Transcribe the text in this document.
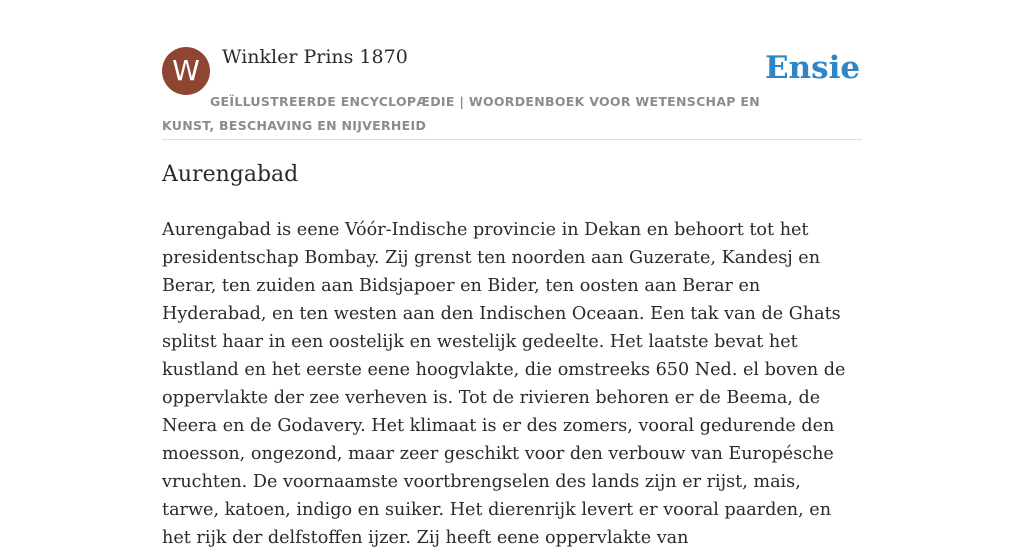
W	Winkler Prins 1870	Ensie
GEÏLLUSTREERDE ENCYCLOPÆDIE | WOORDENBOEK VOOR WETENSCHAP EN KUNST, BESCHAVING EN NIJVERHEID
Aurengabad

Aurengabad is eene Vóór-Indische provincie in Dekan en behoort tot het presidentschap Bombay. Zij grenst ten noorden aan Guzerate, Kandesj en Berar, ten zuiden aan Bidsjapoer en Bider, ten oosten aan Berar en Hyderabad, en ten westen aan den Indischen Oceaan. Een tak van de Ghats splitst haar in een oostelijk en westelijk gedeelte. Het laatste bevat het kustland en het eerste eene hoogvlakte, die omstreeks 650 Ned. el boven de oppervlakte der zee verheven is. Tot de rivieren behoren er de Beema, de Neera en de Godavery. Het klimaat is er des zomers, vooral gedurende den moesson, ongezond, maar zeer geschikt voor den verbouw van Europésche vruchten. De voornaamste voortbrengselen des lands zijn er rijst, mais, tarwe, katoen, indigo en suiker. Het dierenrijk levert er vooral paarden, en het rijk der delfstoffen ijzer. Zij heeft eene oppervlakte van
